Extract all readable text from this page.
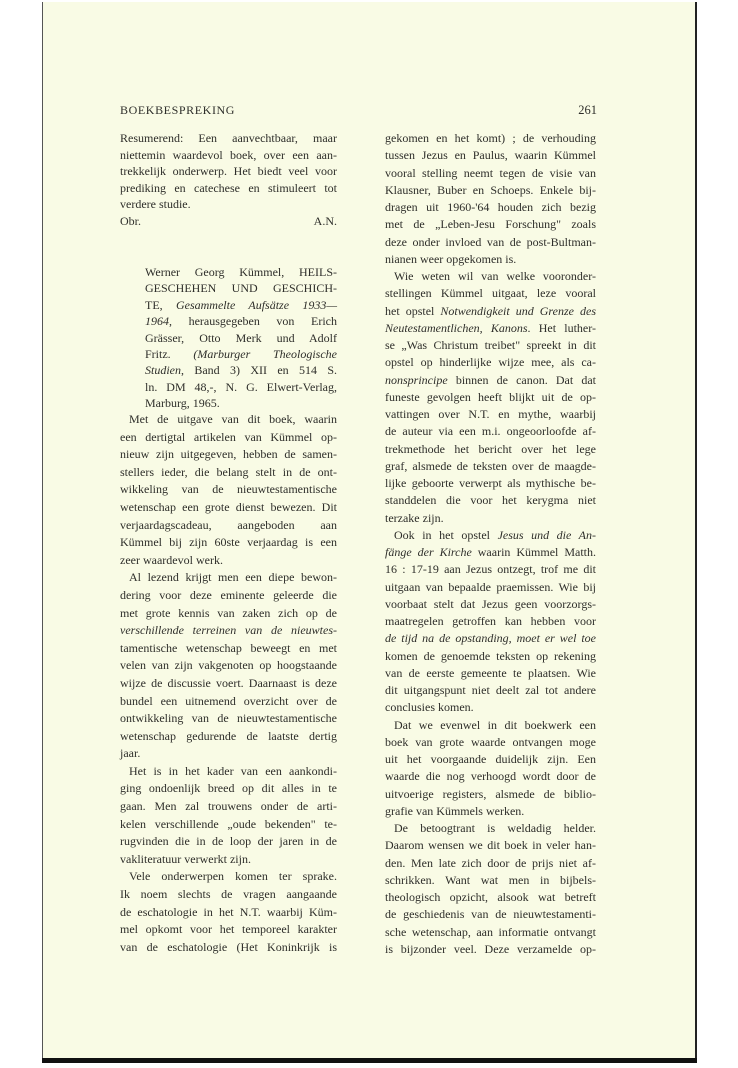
BOEKBESPREKING	261
Resumerend: Een aanvechtbaar, maar
niettemin waardevol boek, over een aan-
trekkelijk onderwerp. Het biedt veel voor
prediking en catechese en stimuleert tot
verdere studie.
Obr.	A.N.
Werner Georg Kümmel, HEILS-
GESCHEHEN UND GESCHICH-
TE, Gesammelte Aufsätze 1933—
1964, herausgegeben von Erich
Grässer, Otto Merk und Adolf
Fritz. (Marburger Theologische
Studien, Band 3) XII en 514 S.
ln. DM 48,-, N. G. Elwert-Verlag,
Marburg, 1965.
Met de uitgave van dit boek, waarin
een dertigtal artikelen van Kümmel op-
nieuw zijn uitgegeven, hebben de samen-
stellers ieder, die belang stelt in de ont-
wikkeling van de nieuwtestamentische
wetenschap een grote dienst bewezen. Dit
verjaardagscadeau, aangeboden aan
Kümmel bij zijn 60ste verjaardag is een
zeer waardevol werk.
Al lezend krijgt men een diepe bewon-
dering voor deze eminente geleerde die
met grote kennis van zaken zich op de
verschillende terreinen van de nieuwtes-
tamentische wetenschap beweegt en met
velen van zijn vakgenoten op hoogstaande
wijze de discussie voert. Daarnaast is deze
bundel een uitnemend overzicht over de
ontwikkeling van de nieuwtestamentische
wetenschap gedurende de laatste dertig
jaar.
Het is in het kader van een aankondi-
ging ondoenlijk breed op dit alles in te
gaan. Men zal trouwens onder de arti-
kelen verschillende „oude bekenden" te-
rugvinden die in de loop der jaren in de
vakliteratuur verwerkt zijn.
Vele onderwerpen komen ter sprake.
Ik noem slechts de vragen aangaande
de eschatologie in het N.T. waarbij Küm-
mel opkomt voor het temporeel karakter
van de eschatologie (Het Koninkrijk is
gekomen en het komt) ; de verhouding
tussen Jezus en Paulus, waarin Kümmel
vooral stelling neemt tegen de visie van
Klausner, Buber en Schoeps. Enkele bij-
dragen uit 1960-'64 houden zich bezig
met de „Leben-Jesu Forschung" zoals
deze onder invloed van de post-Bultman-
nianen weer opgekomen is.
Wie weten wil van welke vooronder-
stellingen Kümmel uitgaat, leze vooral
het opstel Notwendigkeit und Grenze des
Neutestamentlichen, Kanons. Het luther-
se „Was Christum treibet" spreekt in dit
opstel op hinderlijke wijze mee, als ca-
nonsprincipe binnen de canon. Dat dat
funeste gevolgen heeft blijkt uit de op-
vattingen over N.T. en mythe, waarbij
de auteur via een m.i. ongeoorloofde af-
trekmethode het bericht over het lege
graf, alsmede de teksten over de maagde-
lijke geboorte verwerpt als mythische be-
standdelen die voor het kerygma niet
terzake zijn.
Ook in het opstel Jesus und die An-
fänge der Kirche waarin Kümmel Matth.
16 : 17-19 aan Jezus ontzegt, trof me dit
uitgaan van bepaalde praemissen. Wie bij
voorbaat stelt dat Jezus geen voorzorgs-
maatregelen getroffen kan hebben voor
de tijd na de opstanding, moet er wel toe
komen de genoemde teksten op rekening
van de eerste gemeente te plaatsen. Wie
dit uitgangspunt niet deelt zal tot andere
conclusies komen.
Dat we evenwel in dit boekwerk een
boek van grote waarde ontvangen moge
uit het voorgaande duidelijk zijn. Een
waarde die nog verhoogd wordt door de
uitvoerige registers, alsmede de biblio-
grafie van Kümmels werken.
De betoogtrant is weldadig helder.
Daarom wensen we dit boek in veler han-
den. Men late zich door de prijs niet af-
schrikken. Want wat men in bijbels-
theologisch opzicht, alsook wat betreft
de geschiedenis van de nieuwtestamenti-
sche wetenschap, aan informatie ontvangt
is bijzonder veel. Deze verzamelde op-
